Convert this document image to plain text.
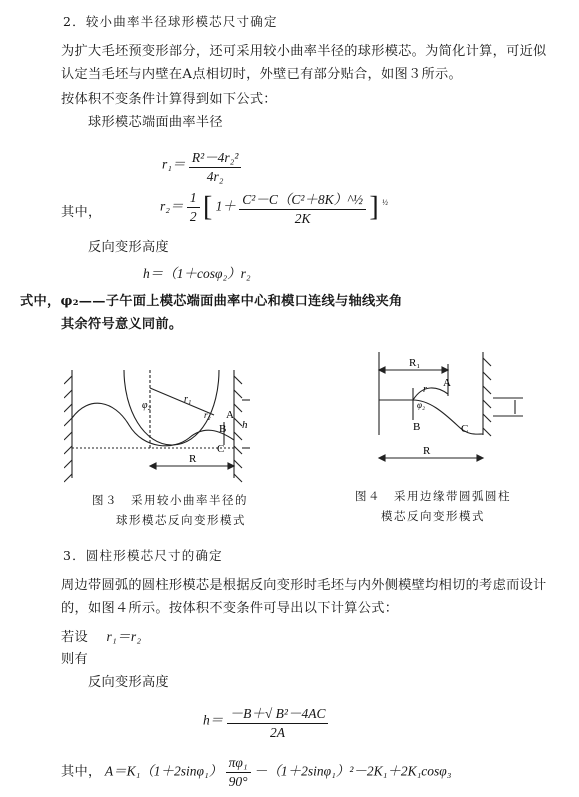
2．较小曲率半径球形模芯尺寸确定
为扩大毛坯预变形部分，还可采用较小曲率半径的球形模芯。为简化计算，可近似
认定当毛坯与内壁在A点相切时，外壁已有部分贴合，如图３所示。
按体积不变条件计算得到如下公式：
球形模芯端面曲率半径
$r_1= \frac{\text{R²－4r₂²}}{\text{4r₂}}$
其中，	$r_2= \frac{1}{2}$ [ $1+ \frac{\text{C²－C（C²＋8K）\textasciicircum{}½}}{2K}$ ] $^{\frac{1}{2}}$
反向变形高度
h＝（1＋cosφ₂）r₂
式中，φ₂——子午面上模芯端面曲率中心和模口连线与轴线夹角
其余符号意义同前。
φ₂
r₁
r₂ A
B
C
h
R
图３　采用较小曲率半径的
球形模芯反向变形模式
R₁
r
φ₂
A
B	C
R
图４　采用边缘带圆弧圆柱
模芯反向变形模式
3．圆柱形模芯尺寸的确定
周边带圆弧的圆柱形模芯是根据反向变形时毛坯与内外侧模壁均相切的考虑而设计
的，如图４所示。按体积不变条件可导出以下计算公式：
若设 r₁＝r₂
则有
反向变形高度
$h= \frac{\text{－B＋√ B²－4AC}}{2A}$
其中， $A=K_1(1+2\sin\varphi_1) \frac{\text{πφ₁}}{90^\circ} -(1+2\sin\varphi_1)^2-2K_1+2K_1\cos\varphi_3$
